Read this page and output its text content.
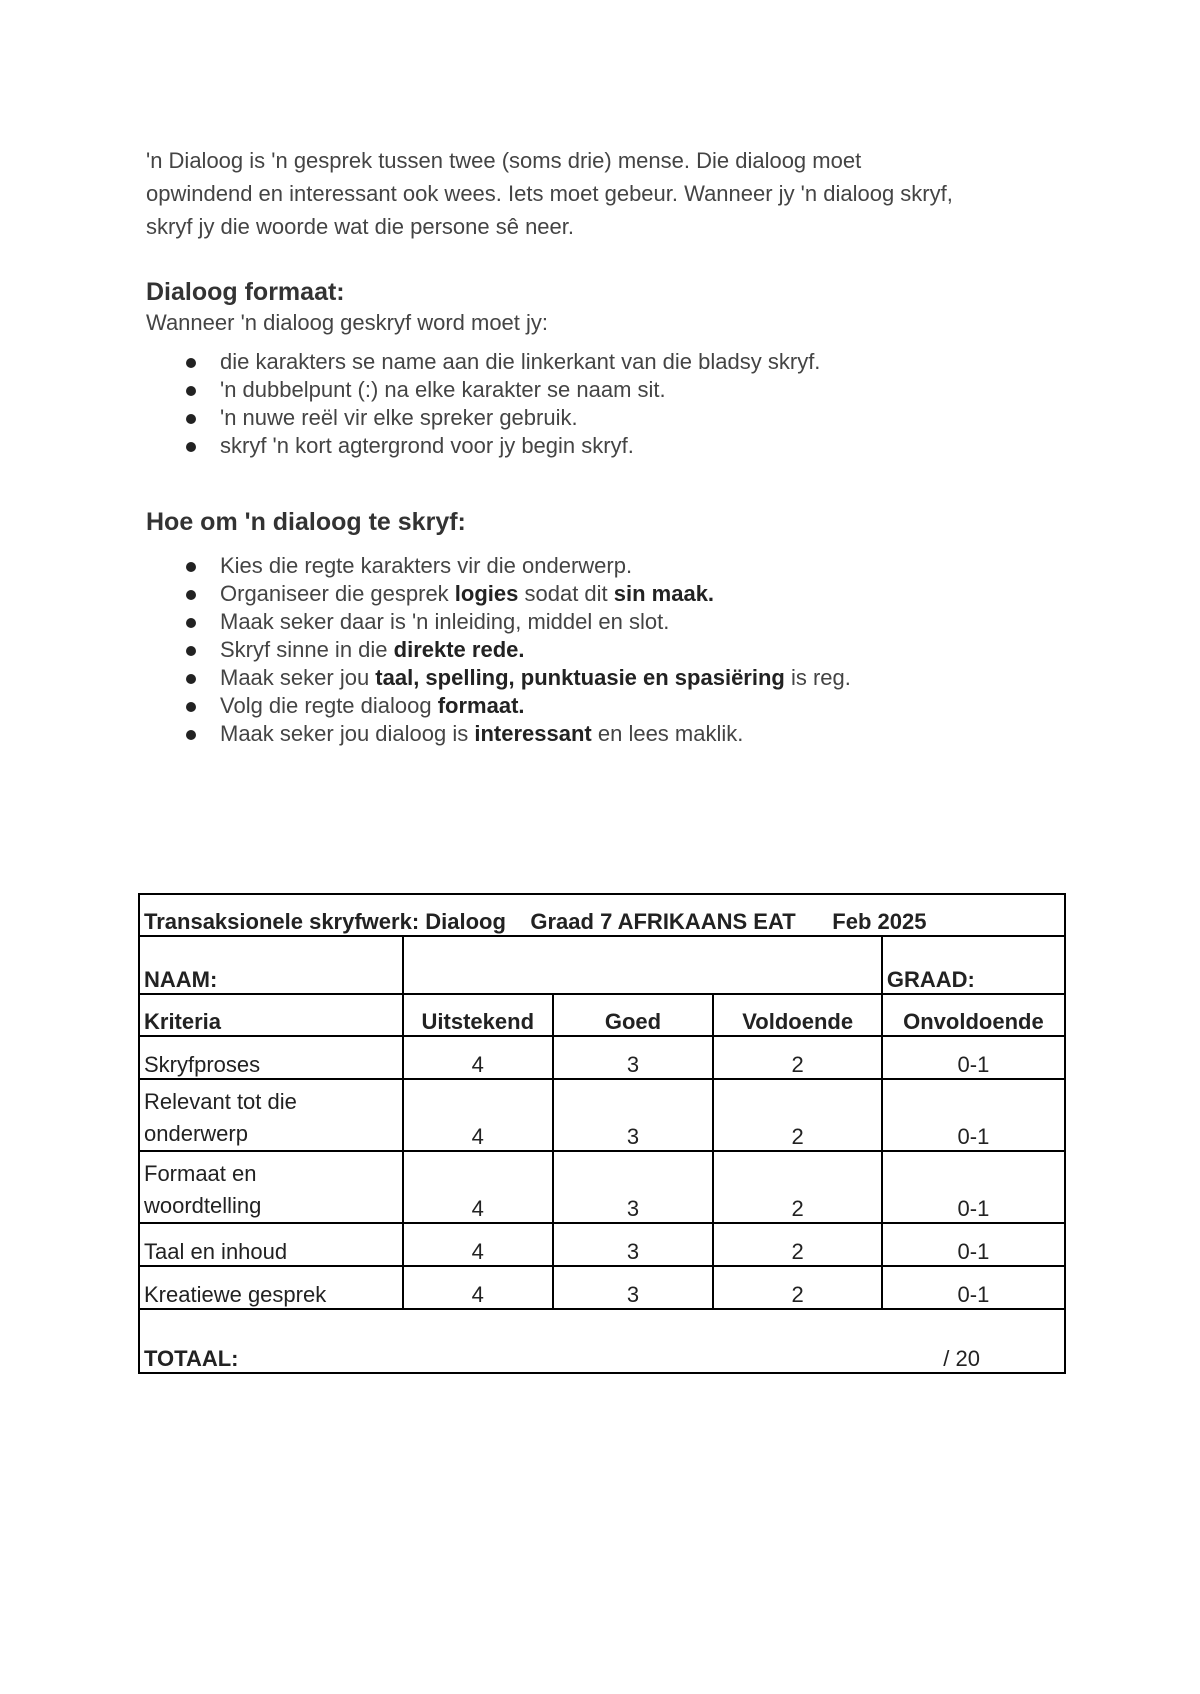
'n Dialoog is 'n gesprek tussen twee (soms drie) mense. Die dialoog moet
opwindend en interessant ook wees. Iets moet gebeur. Wanneer jy 'n dialoog skryf,
skryf jy die woorde wat die persone sê neer.

Dialoog formaat:

Wanneer 'n dialoog geskryf word moet jy:

die karakters se name aan die linkerkant van die bladsy skryf.
'n dubbelpunt (:) na elke karakter se naam sit.
'n nuwe reël vir elke spreker gebruik.
skryf 'n kort agtergrond voor jy begin skryf.
Hoe om 'n dialoog te skryf:
Kies die regte karakters vir die onderwerp.
Organiseer die gesprek logies sodat dit sin maak.
Maak seker daar is 'n inleiding, middel en slot.
Skryf sinne in die direkte rede.
Maak seker jou taal, spelling, punktuasie en spasiëring is reg.
Volg die regte dialoog formaat.
Maak seker jou dialoog is interessant en lees maklik.
Transaksionele skryfwerk: Dialoog    Graad 7 AFRIKAANS EAT      Feb 2025				
NAAM:				GRAAD:
Kriteria	Uitstekend	Goed	Voldoende	Onvoldoende
Skryfproses	4	3	2	0-1
Relevant tot die
onderwerp	4	3	2	0-1
Formaat en
woordtelling	4	3	2	0-1
Taal en inhoud	4	3	2	0-1
Kreatiewe gesprek	4	3	2	0-1

TOTAAL: / 20				
